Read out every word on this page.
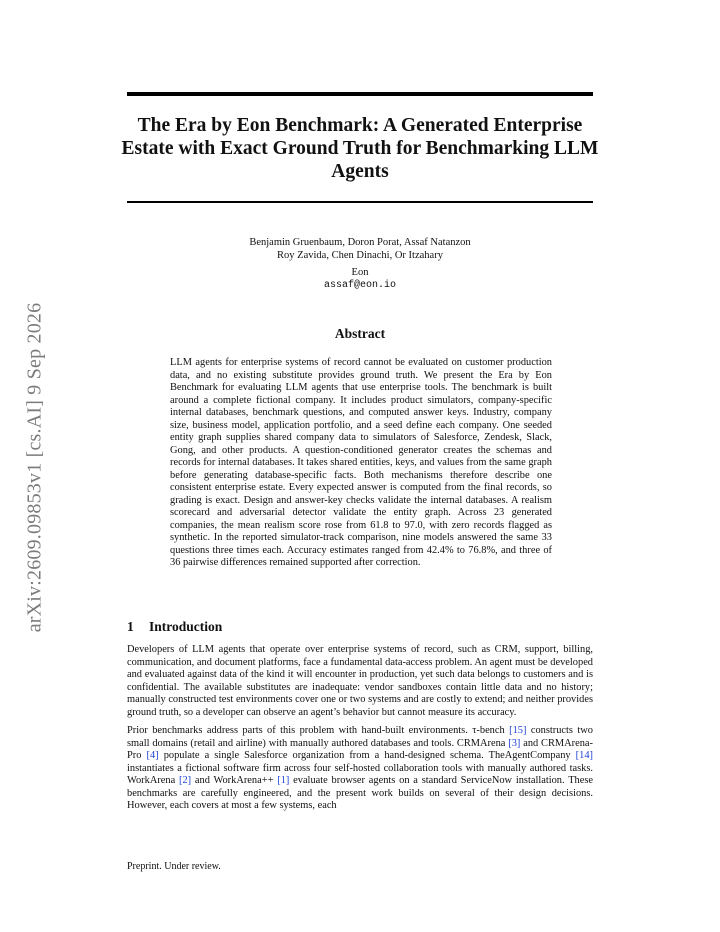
arXiv:2609.09853v1 [cs.AI] 9 Sep 2026
The Era by Eon Benchmark: A Generated Enterprise Estate with Exact Ground Truth for Benchmarking LLM Agents
Benjamin Gruenbaum, Doron Porat, Assaf Natanzon
Roy Zavida, Chen Dinachi, Or Itzahary
Eon
assaf@eon.io
Abstract

LLM agents for enterprise systems of record cannot be evaluated on customer production data, and no existing substitute provides ground truth. We present the Era by Eon Benchmark for evaluating LLM agents that use enterprise tools. The benchmark is built around a complete fictional company. It includes product simulators, company-specific internal databases, benchmark questions, and computed answer keys. Industry, company size, business model, application portfolio, and a seed define each company. One seeded entity graph supplies shared company data to simulators of Salesforce, Zendesk, Slack, Gong, and other products. A question-conditioned generator creates the schemas and records for internal databases. It takes shared entities, keys, and values from the same graph before generating database-specific facts. Both mechanisms therefore describe one consistent enterprise estate. Every expected answer is computed from the final records, so grading is exact. Design and answer-key checks validate the internal databases. A realism scorecard and adversarial detector validate the entity graph. Across 23 generated companies, the mean realism score rose from 61.8 to 97.0, with zero records flagged as synthetic. In the reported simulator-track comparison, nine models answered the same 33 questions three times each. Accuracy estimates ranged from 42.4% to 76.8%, and three of 36 pairwise differences remained supported after correction.

1 Introduction

Developers of LLM agents that operate over enterprise systems of record, such as CRM, support, billing, communication, and document platforms, face a fundamental data-access problem. An agent must be developed and evaluated against data of the kind it will encounter in production, yet such data belongs to customers and is confidential. The available substitutes are inadequate: vendor sandboxes contain little data and no history; manually constructed test environments cover one or two systems and are costly to extend; and neither provides ground truth, so a developer can observe an agent’s behavior but cannot measure its accuracy.

Prior benchmarks address parts of this problem with hand-built environments. τ-bench [15] constructs two small domains (retail and airline) with manually authored databases and tools. CRMArena [3] and CRMArena-Pro [4] populate a single Salesforce organization from a hand-designed schema. TheAgentCompany [14] instantiates a fictional software firm across four self-hosted collaboration tools with manually authored tasks. WorkArena [2] and WorkArena++ [1] evaluate browser agents on a standard ServiceNow installation. These benchmarks are carefully engineered, and the present work builds on several of their design decisions. However, each covers at most a few systems, each

Preprint. Under review.
